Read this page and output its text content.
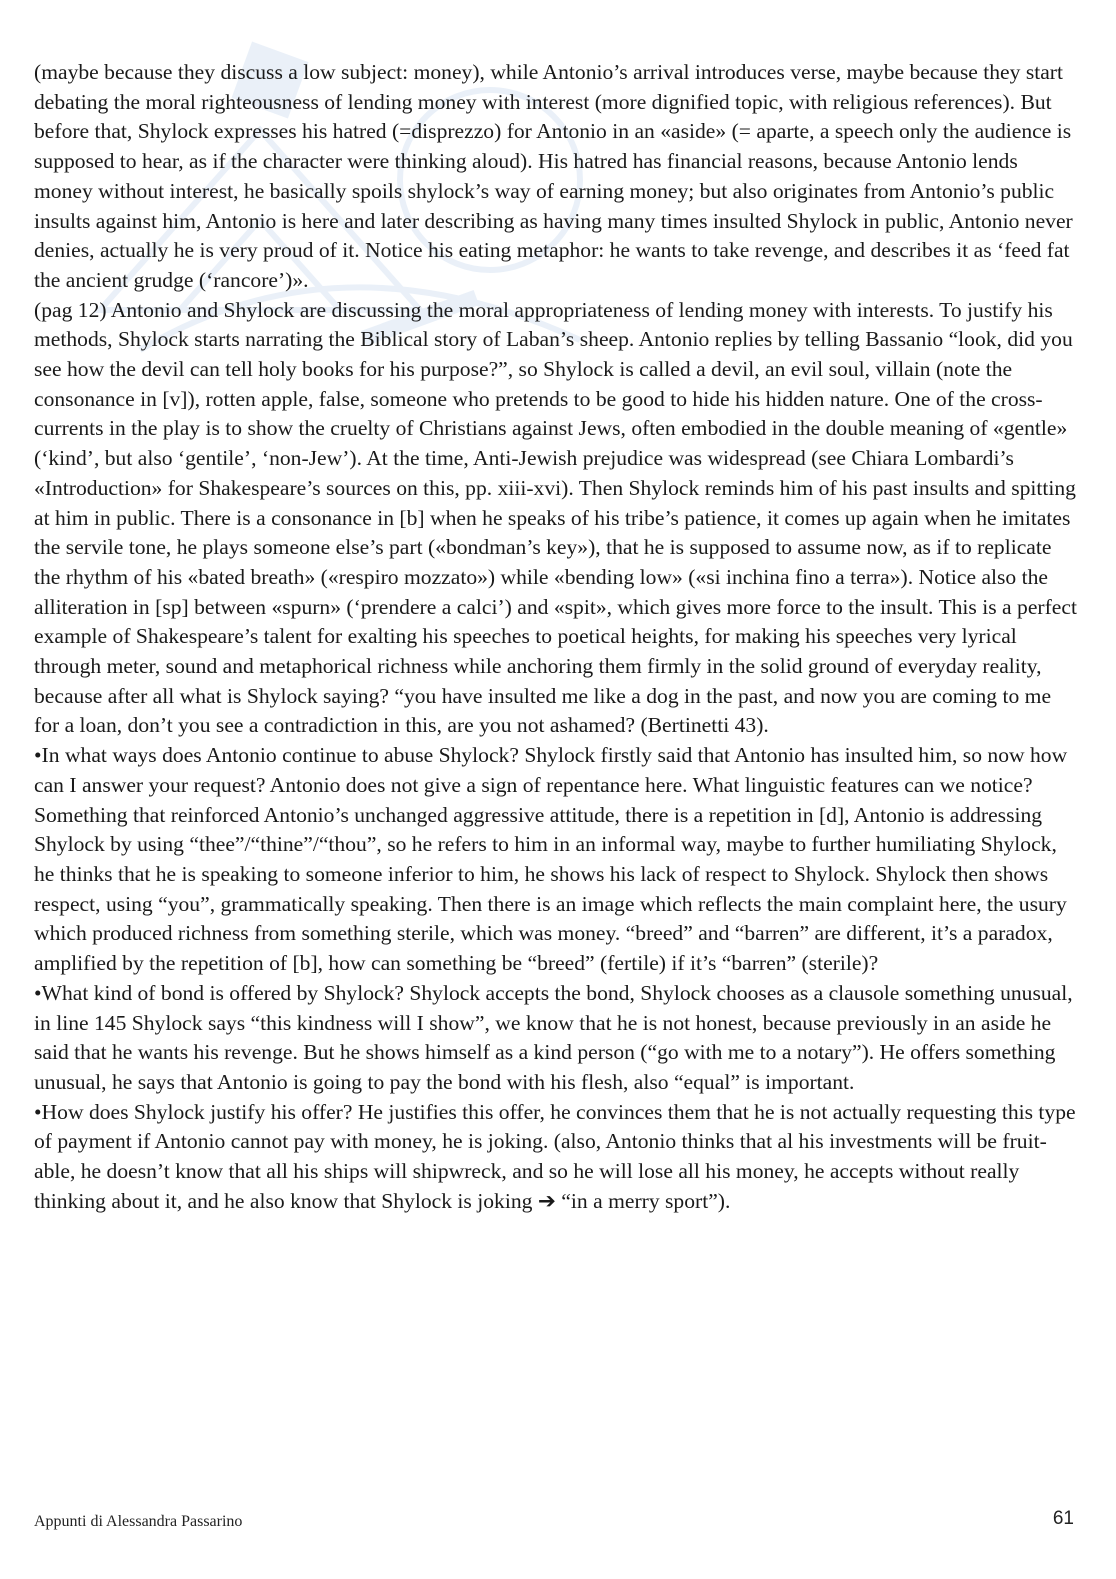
(maybe because they discuss a low subject: money), while Antonio’s arrival introduces verse, maybe because they start debating the moral righteousness of lending money with interest (more dignified topic, with religious references). But before that, Shylock expresses his hatred (=disprezzo) for Antonio in an «aside» (= aparte, a speech only the audience is supposed to hear, as if the character were thinking aloud). His hatred has financial reasons, because Antonio lends money without interest, he basically spoils shylock’s way of earning money; but also originates from Antonio’s public insults against him, Antonio is here and later describing as having many times insulted Shylock in public, Antonio never denies, actually he is very proud of it. Notice his eating metaphor: he wants to take revenge, and describes it as ‘feed fat the ancient grudge (‘rancore’)».

(pag 12) Antonio and Shylock are discussing the moral appropriateness of lending money with interests. To justify his methods, Shylock starts narrating the Biblical story of Laban’s sheep. Antonio replies by telling Bassanio “look, did you see how the devil can tell holy books for his purpose?”, so Shylock is called a devil, an evil soul, villain (note the consonance in [v]), rotten apple, false, someone who pretends to be good to hide his hidden nature. One of the cross-currents in the play is to show the cruelty of Christians against Jews, often embodied in the double meaning of «gentle» (‘kind’, but also ‘gentile’, ‘non-Jew’). At the time, Anti-Jewish prejudice was widespread (see Chiara Lombardi’s «Introduction» for Shakespeare’s sources on this, pp. xiii-xvi). Then Shylock reminds him of his past insults and spitting at him in public. There is a consonance in [b] when he speaks of his tribe’s patience, it comes up again when he imitates the servile tone, he plays someone else’s part («bondman’s key»), that he is supposed to assume now, as if to replicate the rhythm of his «bated breath» («respiro mozzato») while «bending low» («si inchina fino a terra»). Notice also the alliteration in [sp] between «spurn» (‘prendere a calci’) and «spit», which gives more force to the insult. This is a perfect example of Shakespeare’s talent for exalting his speeches to poetical heights, for making his speeches very lyrical through meter, sound and metaphorical richness while anchoring them firmly in the solid ground of everyday reality, because after all what is Shylock saying? “you have insulted me like a dog in the past, and now you are coming to me for a loan, don’t you see a contradiction in this, are you not ashamed? (Bertinetti 43).

•In what ways does Antonio continue to abuse Shylock? Shylock firstly said that Antonio has insulted him, so now how can I answer your request? Antonio does not give a sign of repentance here. What linguistic features can we notice? Something that reinforced Antonio’s unchanged aggressive attitude, there is a repetition in [d], Antonio is addressing Shylock by using “thee”/“thine”/“thou”, so he refers to him in an informal way, maybe to further humiliating Shylock, he thinks that he is speaking to someone inferior to him, he shows his lack of respect to Shylock. Shylock then shows respect, using “you”, grammatically speaking. Then there is an image which reflects the main complaint here, the usury which produced richness from something sterile, which was money. “breed” and “barren” are different, it’s a paradox, amplified by the repetition of [b], how can something be “breed” (fertile) if it’s “barren” (sterile)?

•What kind of bond is offered by Shylock? Shylock accepts the bond, Shylock chooses as a clausole something unusual, in line 145 Shylock says “this kindness will I show”, we know that he is not honest, because previously in an aside he said that he wants his revenge. But he shows himself as a kind person (“go with me to a notary”). He offers something unusual, he says that Antonio is going to pay the bond with his flesh, also “equal” is important.

•How does Shylock justify his offer? He justifies this offer, he convinces them that he is not actually requesting this type of payment if Antonio cannot pay with money, he is joking. (also, Antonio thinks that al his investments will be fruit-able, he doesn’t know that all his ships will shipwreck, and so he will lose all his money, he accepts without really thinking about it, and he also know that Shylock is joking ➔ “in a merry sport”).

Appunti di Alessandra Passarino	61
